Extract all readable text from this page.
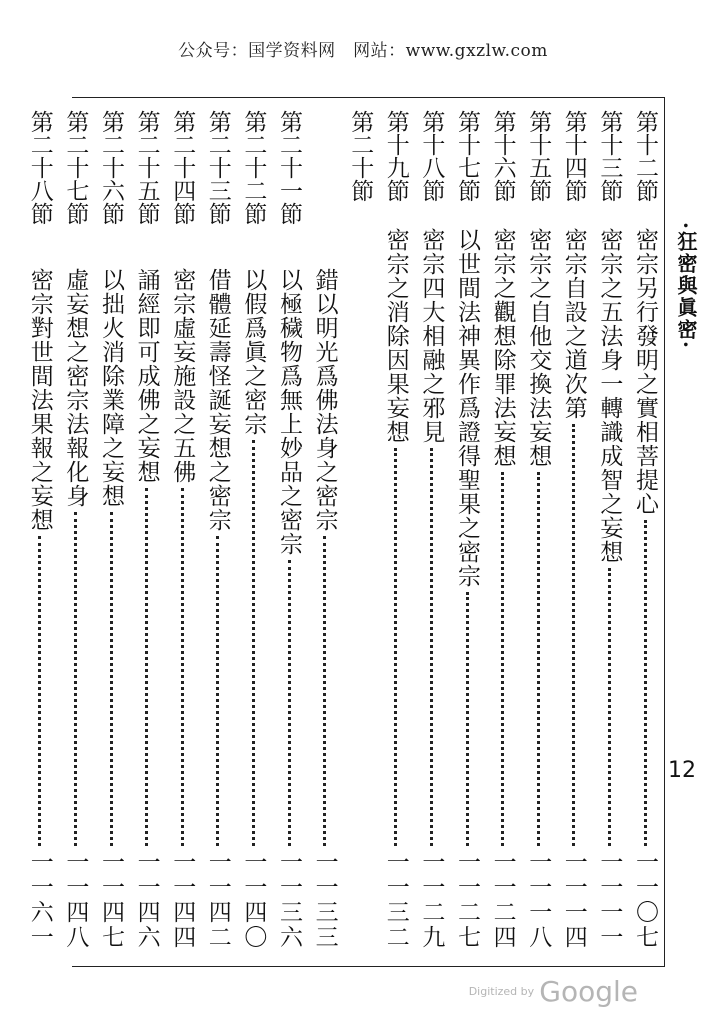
公众号：国学资料网　网站：www.gxzlw.com
·狂密與眞密·
12
第十二節
密宗另行發明之實相菩提心
一一〇七
第十三節
密宗之五法身一轉識成智之妄想
一一一一
第十四節
密宗自設之道次第
一一一四
第十五節
密宗之自他交換法妄想
一一一八
第十六節
密宗之觀想除罪法妄想
一一二四
第十七節
以世間法神異作爲證得聖果之密宗
一一二七
第十八節
密宗四大相融之邪見
一一二九
第十九節
密宗之消除因果妄想
一一三二
第二十節
錯以明光爲佛法身之密宗
一一三三
第二十一節
以極穢物爲無上妙品之密宗
一一三六
第二十二節
以假爲眞之密宗
一一四〇
第二十三節
借體延壽怪誕妄想之密宗
一一四二
第二十四節
密宗虛妄施設之五佛
一一四四
第二十五節
誦經即可成佛之妄想
一一四六
第二十六節
以拙火消除業障之妄想
一一四七
第二十七節
虛妄想之密宗法報化身
一一四八
第二十八節
密宗對世間法果報之妄想
一一六一
Digitized by Google
